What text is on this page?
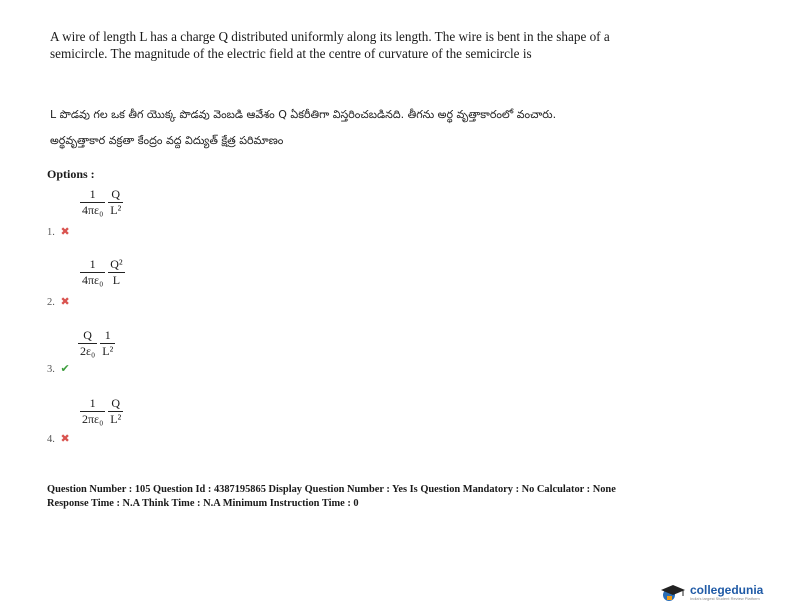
A wire of length L has a charge Q distributed uniformly along its length. The wire is bent in the shape of a semicircle. The magnitude of the electric field at the centre of curvature of the semicircle is
L పొడవు గల ఒక తీగ యొక్క పొడవు వెంబడి ఆవేశం Q ఏకరీతిగా విస్తరించబడినది. తీగను అర్థ వృత్తాకారంలో వంచారు. అర్థవృత్తాకార వక్రతా కేంద్రం వద్ద విద్యుత్ క్షేత్ర పరిమాణం
Options :
$\frac{1}{\text{4πε₀}} \frac{Q}{\text{L²}}$
1. ✖
$\frac{1}{\text{4πε₀}} \frac{\text{Q²}}{L}$
2. ✖
$\frac{Q}{\text{2ε₀}} \frac{1}{\text{L²}}$
3. ✔
$\frac{1}{\text{2πε₀}} \frac{Q}{\text{L²}}$
4. ✖
Question Number : 105 Question Id : 4387195865 Display Question Number : Yes Is Question Mandatory : No Calculator : None
Response Time : N.A Think Time : N.A Minimum Instruction Time : 0
collegedunia
India's largest Student Review Platform
